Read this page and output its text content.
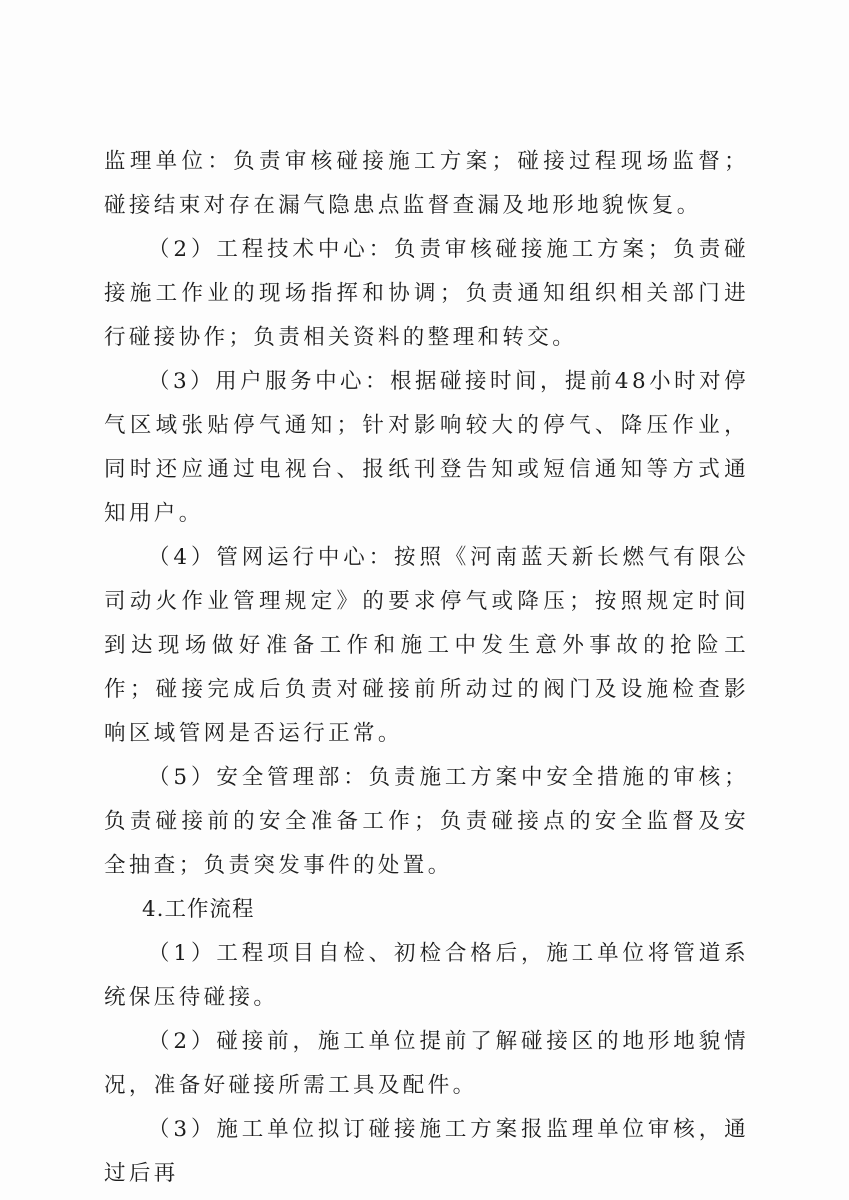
监理单位：负责审核碰接施工方案；碰接过程现场监督；碰接结束对存在漏气隐患点监督查漏及地形地貌恢复。

（2）工程技术中心：负责审核碰接施工方案；负责碰接施工作业的现场指挥和协调；负责通知组织相关部门进行碰接协作；负责相关资料的整理和转交。

（3）用户服务中心：根据碰接时间，提前48小时对停气区域张贴停气通知；针对影响较大的停气、降压作业，同时还应通过电视台、报纸刊登告知或短信通知等方式通知用户。

（4）管网运行中心：按照《河南蓝天新长燃气有限公司动火作业管理规定》的要求停气或降压；按照规定时间到达现场做好准备工作和施工中发生意外事故的抢险工作；碰接完成后负责对碰接前所动过的阀门及设施检查影响区域管网是否运行正常。

（5）安全管理部：负责施工方案中安全措施的审核；负责碰接前的安全准备工作；负责碰接点的安全监督及安全抽查；负责突发事件的处置。

4.工作流程

（1）工程项目自检、初检合格后，施工单位将管道系统保压待碰接。

（2）碰接前，施工单位提前了解碰接区的地形地貌情况，准备好碰接所需工具及配件。

（3）施工单位拟订碰接施工方案报监理单位审核，通过后再
